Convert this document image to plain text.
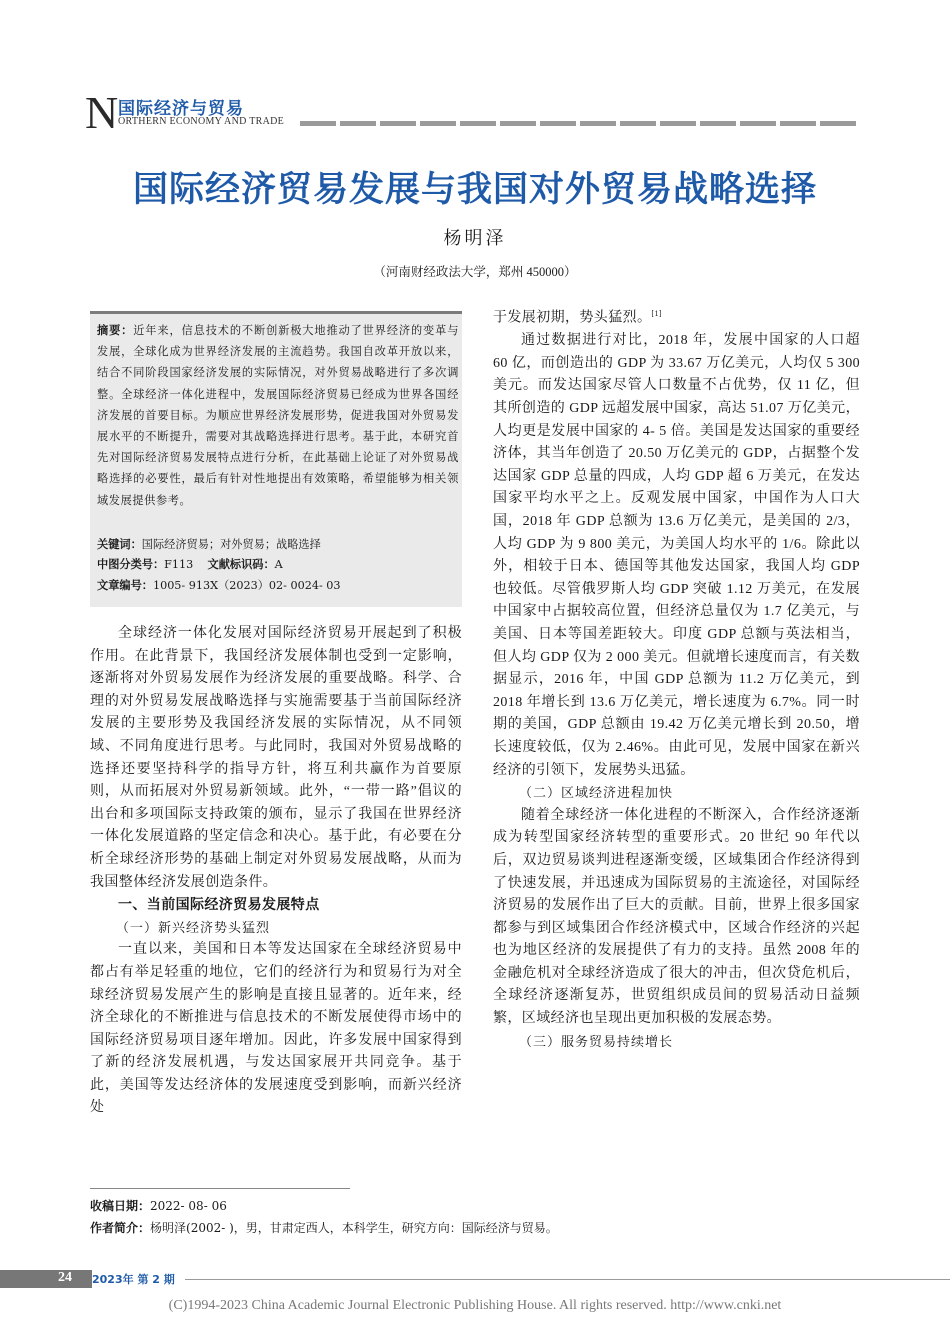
N 国际经济与贸易
ORTHERN ECONOMY AND TRADE
国际经济贸易发展与我国对外贸易战略选择
杨明泽
（河南财经政法大学，郑州 450000）
摘要：近年来，信息技术的不断创新极大地推动了世界经济的变革与发展，全球化成为世界经济发展的主流趋势。我国自改革开放以来，结合不同阶段国家经济发展的实际情况，对外贸易战略进行了多次调整。全球经济一体化进程中，发展国际经济贸易已经成为世界各国经济发展的首要目标。为顺应世界经济发展形势，促进我国对外贸易发展水平的不断提升，需要对其战略选择进行思考。基于此，本研究首先对国际经济贸易发展特点进行分析，在此基础上论证了对外贸易战略选择的必要性，最后有针对性地提出有效策略，希望能够为相关领域发展提供参考。
关键词：国际经济贸易；对外贸易；战略选择
中图分类号：F113 文献标识码：A
文章编号：1005- 913X（2023）02- 0024- 03

全球经济一体化发展对国际经济贸易开展起到了积极作用。在此背景下，我国经济发展体制也受到一定影响，逐渐将对外贸易发展作为经济发展的重要战略。科学、合理的对外贸易发展战略选择与实施需要基于当前国际经济发展的主要形势及我国经济发展的实际情况，从不同领域、不同角度进行思考。与此同时，我国对外贸易战略的选择还要坚持科学的指导方针，将互利共赢作为首要原则，从而拓展对外贸易新领域。此外，“一带一路”倡议的出台和多项国际支持政策的颁布，显示了我国在世界经济一体化发展道路的坚定信念和决心。基于此，有必要在分析全球经济形势的基础上制定对外贸易发展战略，从而为我国整体经济发展创造条件。

一、当前国际经济贸易发展特点
（一）新兴经济势头猛烈

一直以来，美国和日本等发达国家在全球经济贸易中都占有举足轻重的地位，它们的经济行为和贸易行为对全球经济贸易发展产生的影响是直接且显著的。近年来，经济全球化的不断推进与信息技术的不断发展使得市场中的国际经济贸易项目逐年增加。因此，许多发展中国家得到了新的经济发展机遇，与发达国家展开共同竞争。基于此，美国等发达经济体的发展速度受到影响，而新兴经济处

于发展初期，势头猛烈。[1]

通过数据进行对比，2018 年，发展中国家的人口超 60 亿，而创造出的 GDP 为 33.67 万亿美元，人均仅 5 300 美元。而发达国家尽管人口数量不占优势，仅 11 亿，但其所创造的 GDP 远超发展中国家，高达 51.07 万亿美元，人均更是发展中国家的 4- 5 倍。美国是发达国家的重要经济体，其当年创造了 20.50 万亿美元的 GDP，占据整个发达国家 GDP 总量的四成，人均 GDP 超 6 万美元，在发达国家平均水平之上。反观发展中国家，中国作为人口大国，2018 年 GDP 总额为 13.6 万亿美元，是美国的 2/3，人均 GDP 为 9 800 美元，为美国人均水平的 1/6。除此以外，相较于日本、德国等其他发达国家，我国人均 GDP 也较低。尽管俄罗斯人均 GDP 突破 1.12 万美元，在发展中国家中占据较高位置，但经济总量仅为 1.7 亿美元，与美国、日本等国差距较大。印度 GDP 总额与英法相当，但人均 GDP 仅为 2 000 美元。但就增长速度而言，有关数据显示，2016 年，中国 GDP 总额为 11.2 万亿美元，到 2018 年增长到 13.6 万亿美元，增长速度为 6.7%。同一时期的美国，GDP 总额由 19.42 万亿美元增长到 20.50，增长速度较低，仅为 2.46%。由此可见，发展中国家在新兴经济的引领下，发展势头迅猛。

（二）区域经济进程加快

随着全球经济一体化进程的不断深入，合作经济逐渐成为转型国家经济转型的重要形式。20 世纪 90 年代以后，双边贸易谈判进程逐渐变缓，区域集团合作经济得到了快速发展，并迅速成为国际贸易的主流途径，对国际经济贸易的发展作出了巨大的贡献。目前，世界上很多国家都参与到区域集团合作经济模式中，区域合作经济的兴起也为地区经济的发展提供了有力的支持。虽然 2008 年的金融危机对全球经济造成了很大的冲击，但次贷危机后，全球经济逐渐复苏，世贸组织成员间的贸易活动日益频繁，区域经济也呈现出更加积极的发展态势。

（三）服务贸易持续增长
收稿日期：2022- 08- 06
作者简介：杨明泽(2002- )，男，甘肃定西人，本科学生，研究方向：国际经济与贸易。
24 2023年 第 2 期
(C)1994-2023 China Academic Journal Electronic Publishing House. All rights reserved. http://www.cnki.net
